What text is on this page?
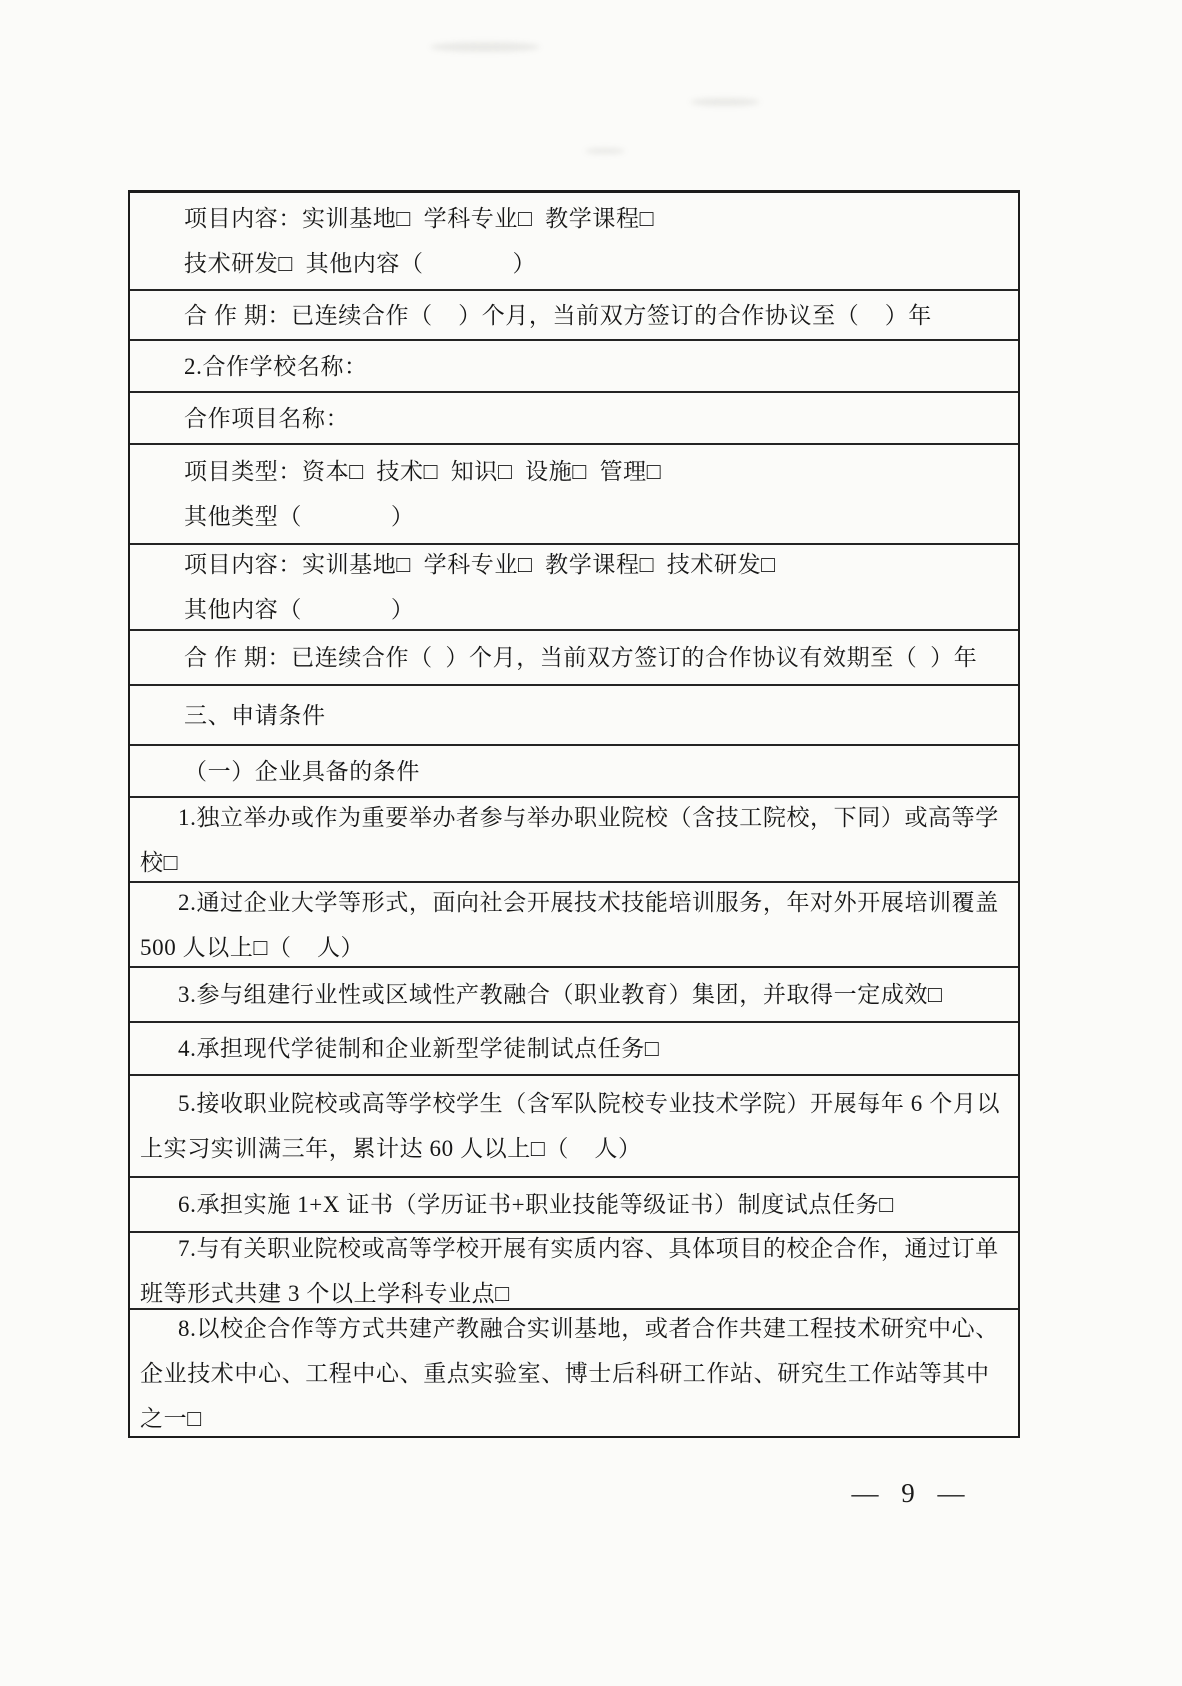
项目内容：实训基地□  学科专业□  教学课程□

技术研发□  其他内容（              ）

合 作 期：已连续合作（    ）个月，当前双方签订的合作协议至（    ）年

2.合作学校名称：

合作项目名称：

项目类型：资本□  技术□  知识□  设施□  管理□

其他类型（              ）

项目内容：实训基地□  学科专业□  教学课程□  技术研发□

其他内容（              ）

合 作 期：已连续合作（  ）个月，当前双方签订的合作协议有效期至（  ）年

三、申请条件

（一）企业具备的条件

1.独立举办或作为重要举办者参与举办职业院校（含技工院校，下同）或高等学

校□

2.通过企业大学等形式，面向社会开展技术技能培训服务，年对外开展培训覆盖

500 人以上□（    人）

3.参与组建行业性或区域性产教融合（职业教育）集团，并取得一定成效□

4.承担现代学徒制和企业新型学徒制试点任务□

5.接收职业院校或高等学校学生（含军队院校专业技术学院）开展每年 6 个月以

上实习实训满三年，累计达 60 人以上□（    人）

6.承担实施 1+X 证书（学历证书+职业技能等级证书）制度试点任务□

7.与有关职业院校或高等学校开展有实质内容、具体项目的校企合作，通过订单

班等形式共建 3 个以上学科专业点□

8.以校企合作等方式共建产教融合实训基地，或者合作共建工程技术研究中心、

企业技术中心、工程中心、重点实验室、博士后科研工作站、研究生工作站等其中

之一□

— 9 —
